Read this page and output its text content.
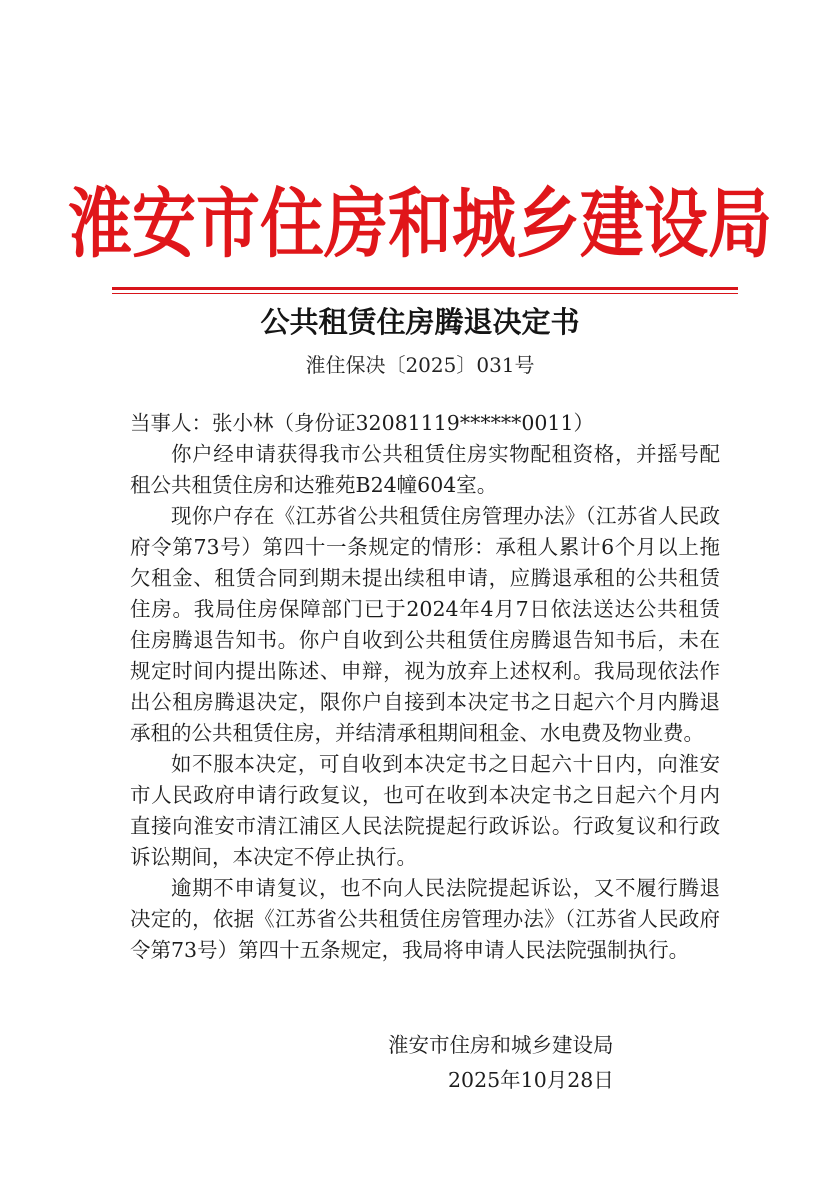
淮安市住房和城乡建设局
公共租赁住房腾退决定书
淮住保决〔2025〕031号

当事人：张小林（身份证32081119******0011）

你户经申请获得我市公共租赁住房实物配租资格，并摇号配租公共租赁住房和达雅苑B24幢604室。

现你户存在《江苏省公共租赁住房管理办法》（江苏省人民政府令第73号）第四十一条规定的情形：承租人累计6个月以上拖欠租金、租赁合同到期未提出续租申请，应腾退承租的公共租赁住房。我局住房保障部门已于2024年4月7日依法送达公共租赁住房腾退告知书。你户自收到公共租赁住房腾退告知书后，未在规定时间内提出陈述、申辩，视为放弃上述权利。我局现依法作出公租房腾退决定，限你户自接到本决定书之日起六个月内腾退承租的公共租赁住房，并结清承租期间租金、水电费及物业费。

如不服本决定，可自收到本决定书之日起六十日内，向淮安市人民政府申请行政复议，也可在收到本决定书之日起六个月内直接向淮安市清江浦区人民法院提起行政诉讼。行政复议和行政诉讼期间，本决定不停止执行。

逾期不申请复议，也不向人民法院提起诉讼，又不履行腾退决定的，依据《江苏省公共租赁住房管理办法》（江苏省人民政府令第73号）第四十五条规定，我局将申请人民法院强制执行。

淮安市住房和城乡建设局
2025年10月28日
